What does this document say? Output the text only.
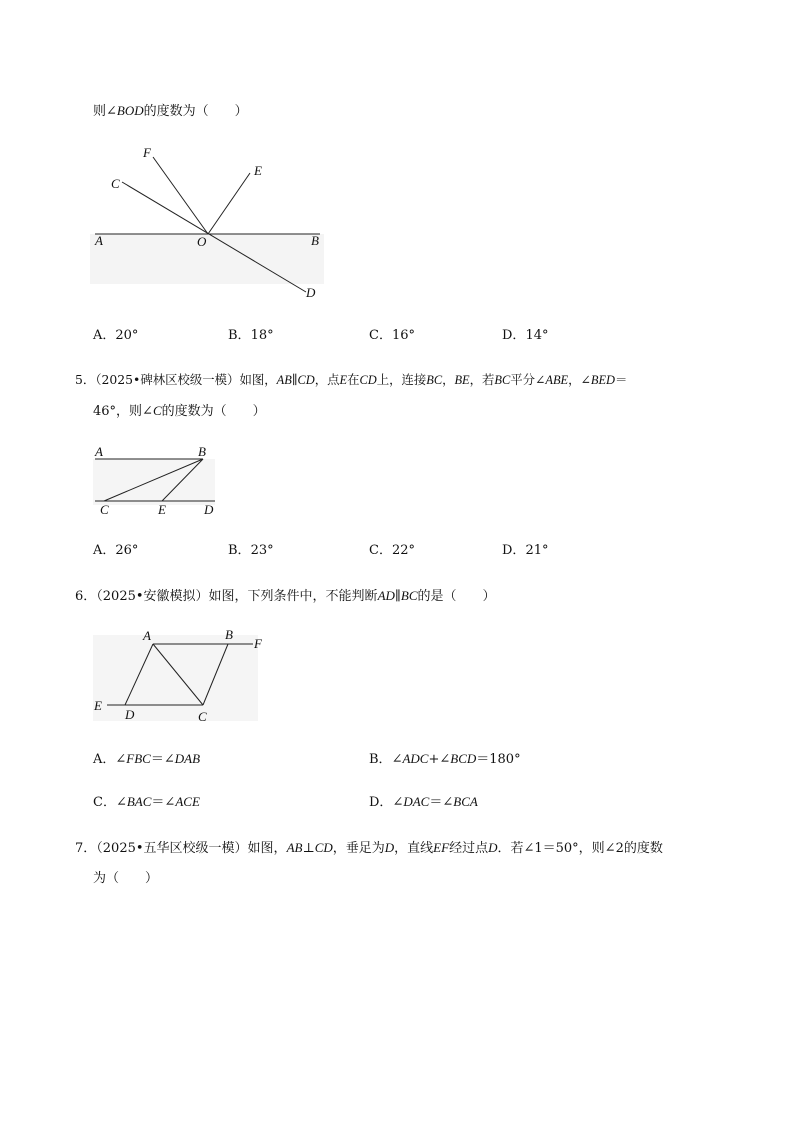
则∠BOD的度数为（　　）
F
C
E
A	O	B
D
A．20°	B．18°	C．16°	D．14°
5．（2025•碑林区校级一模）如图，AB∥CD，点E在CD上，连接BC，BE，若BC平分∠ABE，∠BED＝
46°，则∠C的度数为（　　）
A	B
C	E	D
A．26°	B．23°	C．22°	D．21°
6．（2025•安徽模拟）如图，下列条件中，不能判断AD∥BC的是（　　）
A	B
F
E
D	C
A．∠FBC＝∠DAB	B．∠ADC+∠BCD＝180°
C．∠BAC＝∠ACE	D．∠DAC＝∠BCA
7．（2025•五华区校级一模）如图，AB⊥CD，垂足为D，直线EF经过点D．若∠1＝50°，则∠2的度数
为（　　）
